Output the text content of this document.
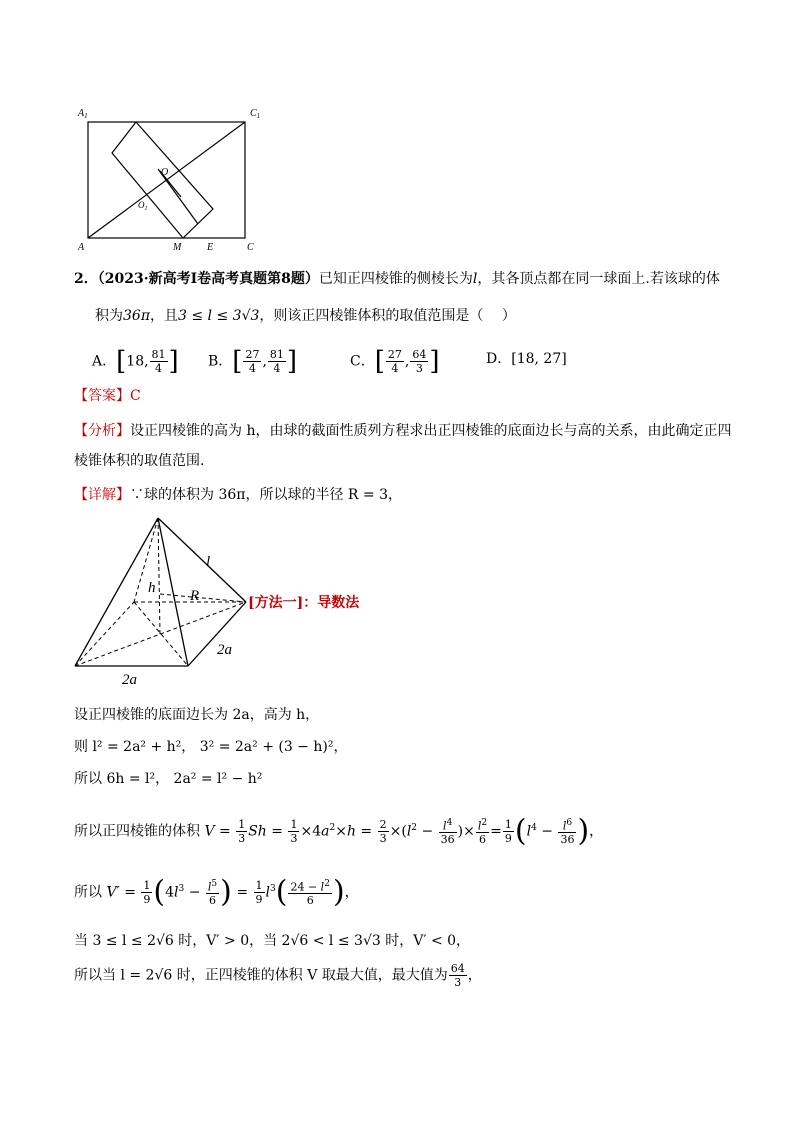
$A_1$	$C_1$
O
$O_1$
A	M	E	C
2．（2023·新高考Ⅰ卷高考真题第8题）已知正四棱锥的侧棱长为l，其各顶点都在同一球面上.若该球的体
积为36π，且3 ≤ l ≤ 3√3，则该正四棱锥体积的取值范围是（　 ）
A．[18, $\frac{81}{4}$ ] B．[ $\frac{27}{4}$ , $\frac{81}{4}$ ]	C．[ $\frac{27}{4}$ , $\frac{64}{3}$ ]	D．[18, 27]
【答案】C
【分析】设正四棱锥的高为 h，由球的截面性质列方程求出正四棱锥的底面边长与高的关系，由此确定正四
棱锥体积的取值范围.
【详解】∵球的体积为 36π，所以球的半径 R = 3，
l
h R
2a
2a
[方法一]：导数法
设正四棱锥的底面边长为 2a，高为 h，
则 l² = 2a² + h²， 3² = 2a² + (3 − h)²，
所以 6h = l²， 2a² = l² − h²
所以正四棱锥的体积 $V = \frac{1}{3}$ $Sh = \frac{1}{3} \times 4a^2\times h = \frac{2}{3} \times(l^2 - \frac{l^4}{36}$ )× $\frac{l^2}{6} = \frac{1}{9} (l^4 - \frac{l^6}{36}$ )，
所以 $V' = \frac{1}{9} (4l^3 - \frac{l^5}{6}$ ) = $\frac{1}{9} l^3( \frac{24 - l^2}{6}$ )，
当 3 ≤ l ≤ 2√6 时，V′ > 0，当 2√6 < l ≤ 3√3 时，V′ < 0，
所以当 l = 2√6 时，正四棱锥的体积 V 取最大值，最大值为 $\frac{64}{3}$ ，
